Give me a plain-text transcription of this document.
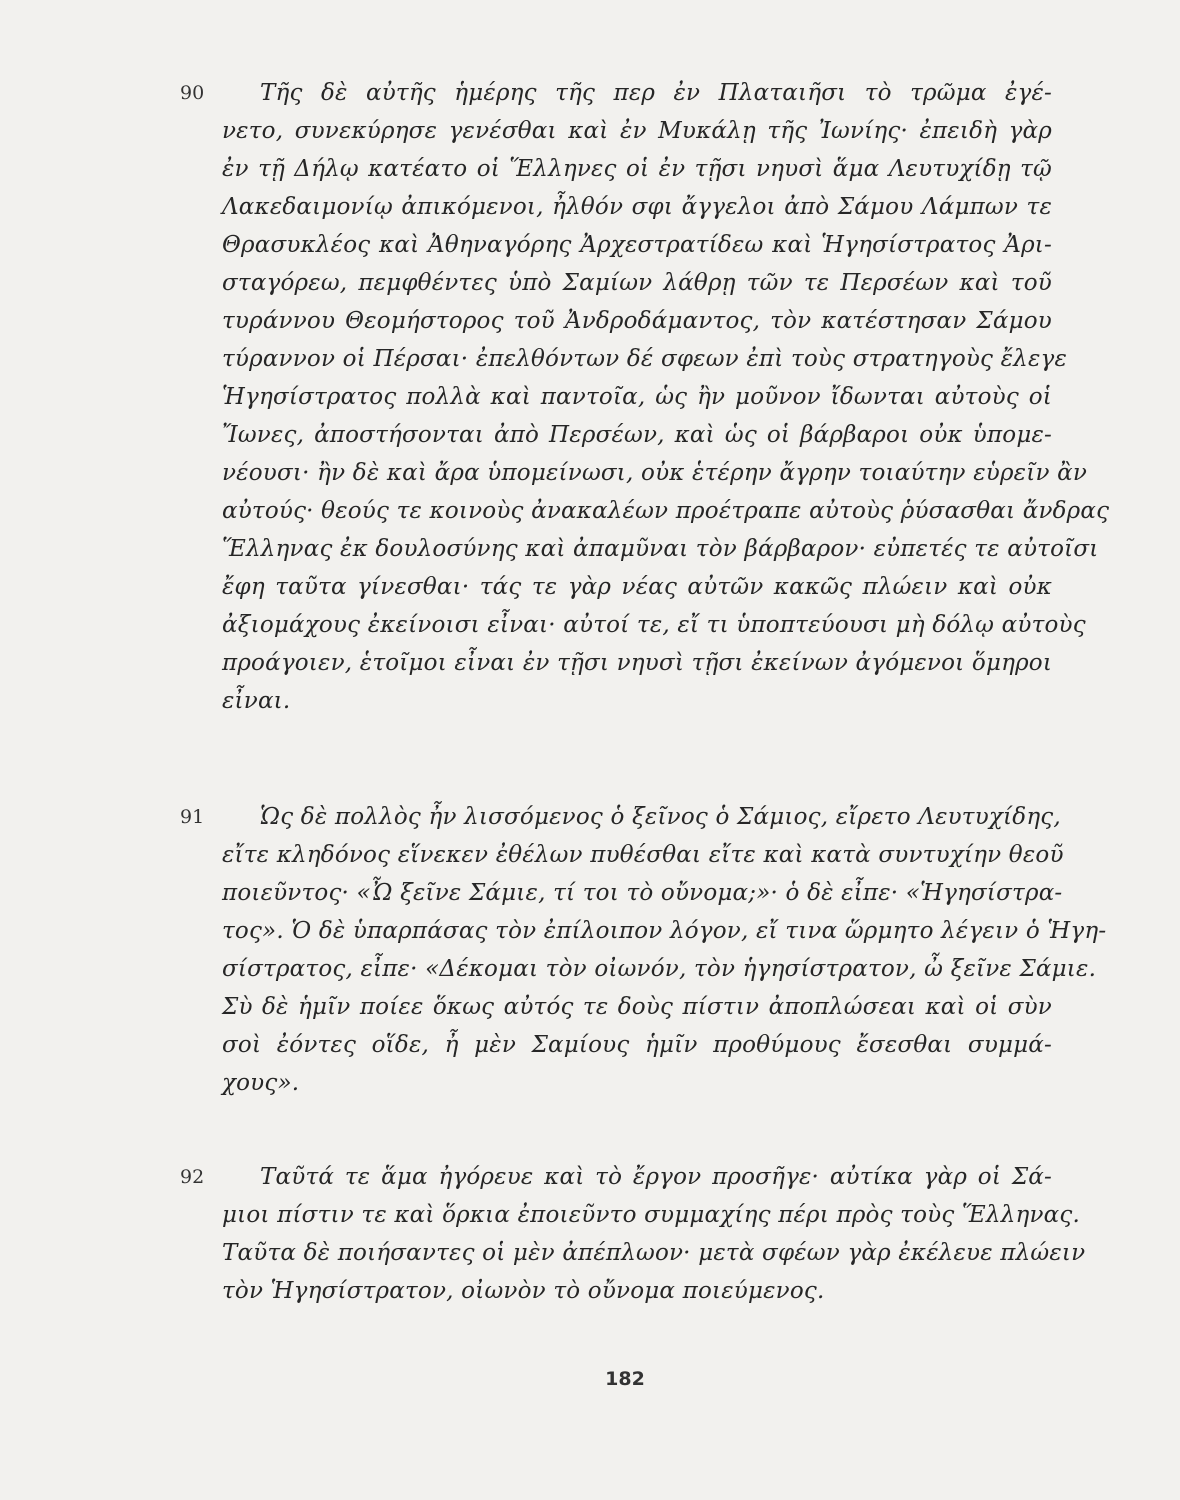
90 Τῆς δὲ αὐτῆς ἡμέρης τῆς περ ἐν Πλαταιῆσι τὸ τρῶμα ἐγέ-
νετο, συνεκύρησε γενέσθαι καὶ ἐν Μυκάλῃ τῆς Ἰωνίης· ἐπειδὴ γὰρ
ἐν τῇ Δήλῳ κατέατο οἱ Ἕλληνες οἱ ἐν τῇσι νηυσὶ ἅμα Λευτυχίδῃ τῷ
Λακεδαιμονίῳ ἀπικόμενοι, ἦλθόν σφι ἄγγελοι ἀπὸ Σάμου Λάμπων τε
Θρασυκλέος καὶ Ἀθηναγόρης Ἀρχεστρατίδεω καὶ Ἡγησίστρατος Ἀρι-
σταγόρεω, πεμφθέντες ὑπὸ Σαμίων λάθρῃ τῶν τε Περσέων καὶ τοῦ
τυράννου Θεομήστορος τοῦ Ἀνδροδάμαντος, τὸν κατέστησαν Σάμου
τύραννον οἱ Πέρσαι· ἐπελθόντων δέ σφεων ἐπὶ τοὺς στρατηγοὺς ἔλεγε
Ἡγησίστρατος πολλὰ καὶ παντοῖα, ὡς ἢν μοῦνον ἴδωνται αὐτοὺς οἱ
Ἴωνες, ἀποστήσονται ἀπὸ Περσέων, καὶ ὡς οἱ βάρβαροι οὐκ ὑπομε-
νέουσι· ἢν δὲ καὶ ἄρα ὑπομείνωσι, οὐκ ἑτέρην ἄγρην τοιαύτην εὑρεῖν ἂν
αὐτούς· θεούς τε κοινοὺς ἀνακαλέων προέτραπε αὐτοὺς ῥύσασθαι ἄνδρας
Ἕλληνας ἐκ δουλοσύνης καὶ ἀπαμῦναι τὸν βάρβαρον· εὐπετές τε αὐτοῖσι
ἔφη ταῦτα γίνεσθαι· τάς τε γὰρ νέας αὐτῶν κακῶς πλώειν καὶ οὐκ
ἀξιομάχους ἐκείνοισι εἶναι· αὐτοί τε, εἴ τι ὑποπτεύουσι μὴ δόλῳ αὐτοὺς
προάγοιεν, ἑτοῖμοι εἶναι ἐν τῇσι νηυσὶ τῇσι ἐκείνων ἀγόμενοι ὅμηροι
εἶναι.
91 Ὡς δὲ πολλὸς ἦν λισσόμενος ὁ ξεῖνος ὁ Σάμιος, εἴρετο Λευτυχίδης,
εἴτε κληδόνος εἵνεκεν ἐθέλων πυθέσθαι εἴτε καὶ κατὰ συντυχίην θεοῦ
ποιεῦντος· «Ὦ ξεῖνε Σάμιε, τί τοι τὸ οὔνομα;»· ὁ δὲ εἶπε· «Ἡγησίστρα-
τος». Ὁ δὲ ὑπαρπάσας τὸν ἐπίλοιπον λόγον, εἴ τινα ὥρμητο λέγειν ὁ Ἡγη-
σίστρατος, εἶπε· «Δέκομαι τὸν οἰωνόν, τὸν ἡγησίστρατον, ὦ ξεῖνε Σάμιε.
Σὺ δὲ ἡμῖν ποίεε ὅκως αὐτός τε δοὺς πίστιν ἀποπλώσεαι καὶ οἱ σὺν
σοὶ ἐόντες οἵδε, ἦ μὲν Σαμίους ἡμῖν προθύμους ἔσεσθαι συμμά-
χους».
92 Ταῦτά τε ἅμα ἠγόρευε καὶ τὸ ἔργον προσῆγε· αὐτίκα γὰρ οἱ Σά-
μιοι πίστιν τε καὶ ὅρκια ἐποιεῦντο συμμαχίης πέρι πρὸς τοὺς Ἕλληνας.
Ταῦτα δὲ ποιήσαντες οἱ μὲν ἀπέπλωον· μετὰ σφέων γὰρ ἐκέλευε πλώειν
τὸν Ἡγησίστρατον, οἰωνὸν τὸ οὔνομα ποιεύμενος.
182
